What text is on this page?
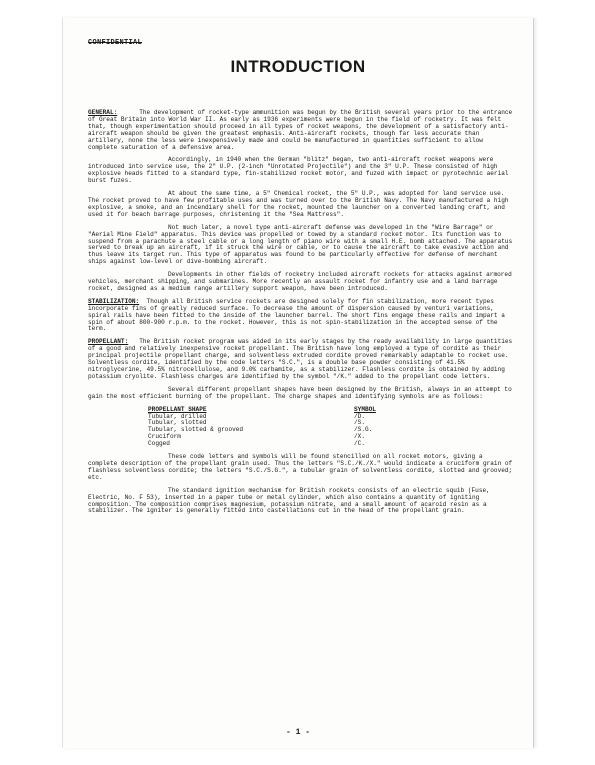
CONFIDENTIAL
INTRODUCTION

GENERAL:	The development of rocket-type ammunition was begun by the British several years prior to the entrance of Great Britain into World War II. As early as 1936 experiments were begun in the field of rocketry. It was felt that, though experimentation should proceed in all types of rocket weapons, the development of a satisfactory anti-aircraft weapon should be given the greatest emphasis. Anti-aircraft rockets, though far less accurate than artillery, none the less were inexpensively made and could be manufactured in quantities sufficient to allow complete saturation of a defensive area.

Accordingly, in 1940 when the German "blitz" began, two anti-aircraft rocket weapons were introduced into service use, the 2" U.P. (2-inch "Unrotated Projectile") and the 3" U.P. These consisted of high explosive heads fitted to a standard type, fin-stabilized rocket motor, and fuzed with impact or pyrotechnic aerial burst fuzes.

At about the same time, a 5" Chemical rocket, the 5" U.P., was adopted for land service use. The rocket proved to have few profitable uses and was turned over to the British Navy. The Navy manufactured a high explosive, a smoke, and an incendiary shell for the rocket, mounted the launcher on a converted landing craft, and used it for beach barrage purposes, christening it the "Sea Mattress".

Not much later, a novel type anti-aircraft defense was developed in the "Wire Barrage" or "Aerial Mine Field" apparatus. This device was propelled or towed by a standard rocket motor. Its function was to suspend from a parachute a steel cable or a long length of piano wire with a small H.E. bomb attached. The apparatus served to break up an aircraft, if it struck the wire or cable, or to cause the aircraft to take evasive action and thus leave its target run. This type of apparatus was found to be particularly effective for defense of merchant ships against low-level or dive-bombing aircraft.

Developments in other fields of rocketry included aircraft rockets for attacks against armored vehicles, merchant shipping, and submarines. More recently an assault rocket for infantry use and a land barrage rocket, designed as a medium range artillery support weapon, have been introduced.

STABILIZATION: Though all British service rockets are designed solely for fin stabilization, more recent types incorporate fins of greatly reduced surface. To decrease the amount of dispersion caused by venturi variations, spiral rails have been fitted to the inside of the launcher barrel. The short fins engage these rails and impart a spin of about 800-900 r.p.m. to the rocket. However, this is not spin-stabilization in the accepted sense of the term.

PROPELLANT: The British rocket program was aided in its early stages by the ready availability in large quantities of a good and relatively inexpensive rocket propellant. The British have long employed a type of cordite as their principal projectile propellant charge, and solventless extruded cordite proved remarkably adaptable to rocket use. Solventless cordite, identified by the code letters "S.C.", is a double base powder consisting of 41.5% nitroglycerine, 49.5% nitrocellulose, and 9.0% carbamite, as a stabilizer. Flashless cordite is obtained by adding potassium cryolite. Flashless charges are identified by the symbol "/K." added to the propellant code letters.

Several different propellant shapes have been designed by the British, always in an attempt to gain the most efficient burning of the propellant. The charge shapes and identifying symbols are as follows:

PROPELLANT SHAPE	SYMBOL
Tubular, drilled	/D.
Tubular, slotted	/S.
Tubular, slotted & grooved	/S.G.
Cruciform	/X.
Cogged	/C.

These code letters and symbols will be found stencilled on all rocket motors, giving a complete description of the propellant grain used. Thus the letters "S.C./K./X." would indicate a cruciform grain of flashless solventless cordite; the letters "S.C./S.G.", a tubular grain of solventless cordite, slotted and grooved; etc.

The standard ignition mechanism for British rockets consists of an electric squib (Fuse, Electric, No. F 53), inserted in a paper tube or metal cylinder, which also contains a quantity of igniting composition. The composition comprises magnesium, potassium nitrate, and a small amount of acaroid resin as a stabilizer. The igniter is generally fitted into castellations cut in the head of the propellant grain.

- 1 -
